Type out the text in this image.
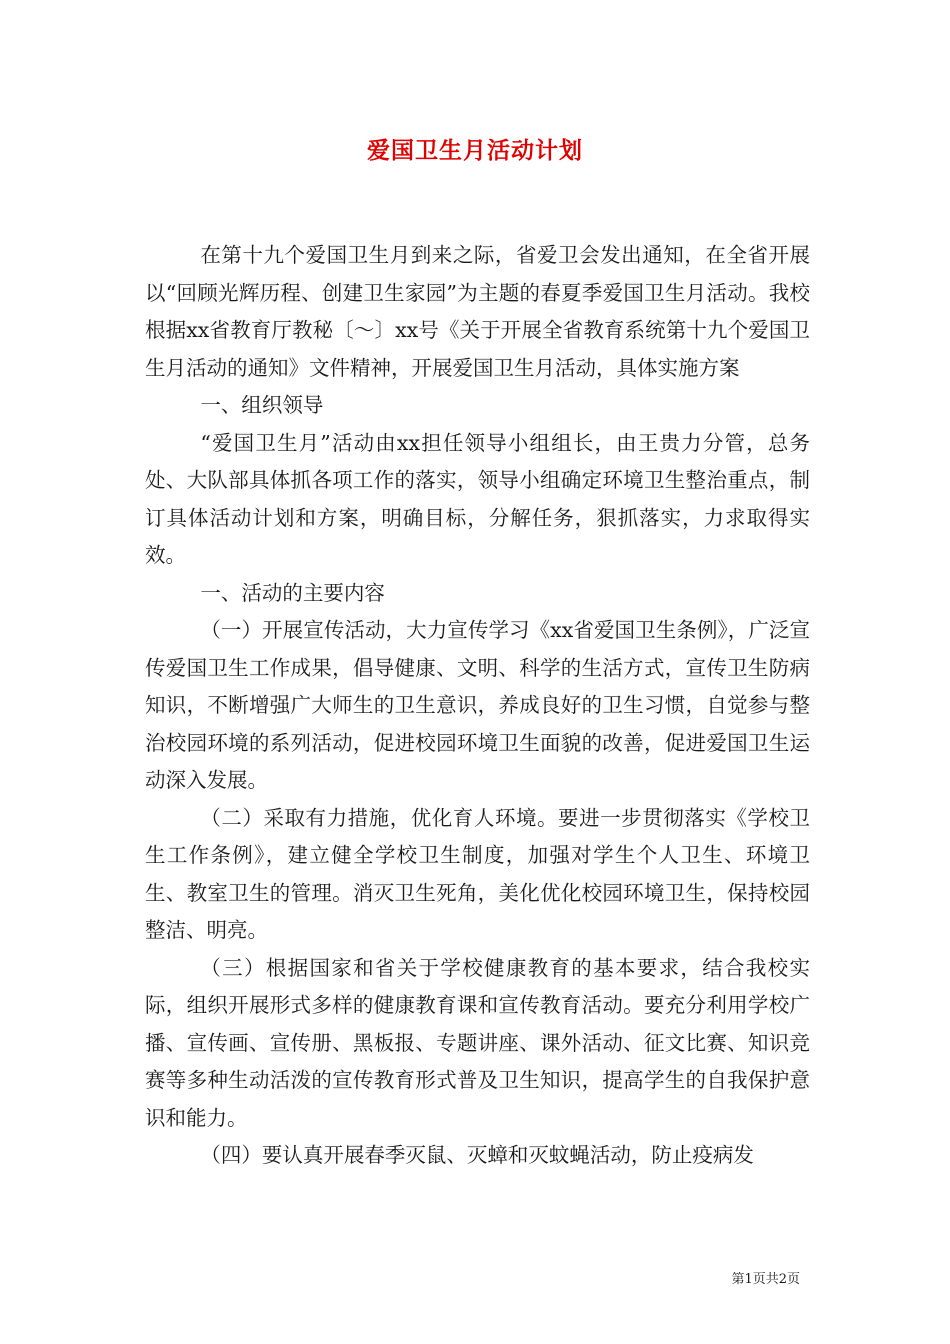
爱国卫生月活动计划

在第十九个爱国卫生月到来之际，省爱卫会发出通知，在全省开展以“回顾光辉历程、创建卫生家园”为主题的春夏季爱国卫生月活动。我校根据xx省教育厅教秘〔～〕xx号《关于开展全省教育系统第十九个爱国卫生月活动的通知》文件精神，开展爱国卫生月活动，具体实施方案

一、组织领导

“爱国卫生月”活动由xx担任领导小组组长，由王贵力分管，总务处、大队部具体抓各项工作的落实，领导小组确定环境卫生整治重点，制订具体活动计划和方案，明确目标，分解任务，狠抓落实，力求取得实效。

一、活动的主要内容

（一）开展宣传活动，大力宣传学习《xx省爱国卫生条例》，广泛宣传爱国卫生工作成果，倡导健康、文明、科学的生活方式，宣传卫生防病知识，不断增强广大师生的卫生意识，养成良好的卫生习惯，自觉参与整治校园环境的系列活动，促进校园环境卫生面貌的改善，促进爱国卫生运动深入发展。

（二）采取有力措施，优化育人环境。要进一步贯彻落实《学校卫生工作条例》，建立健全学校卫生制度，加强对学生个人卫生、环境卫生、教室卫生的管理。消灭卫生死角，美化优化校园环境卫生，保持校园整洁、明亮。

（三）根据国家和省关于学校健康教育的基本要求，结合我校实际，组织开展形式多样的健康教育课和宣传教育活动。要充分利用学校广播、宣传画、宣传册、黑板报、专题讲座、课外活动、征文比赛、知识竞赛等多种生动活泼的宣传教育形式普及卫生知识，提高学生的自我保护意识和能力。

（四）要认真开展春季灭鼠、灭蟑和灭蚊蝇活动，防止疫病发

第1页共2页
